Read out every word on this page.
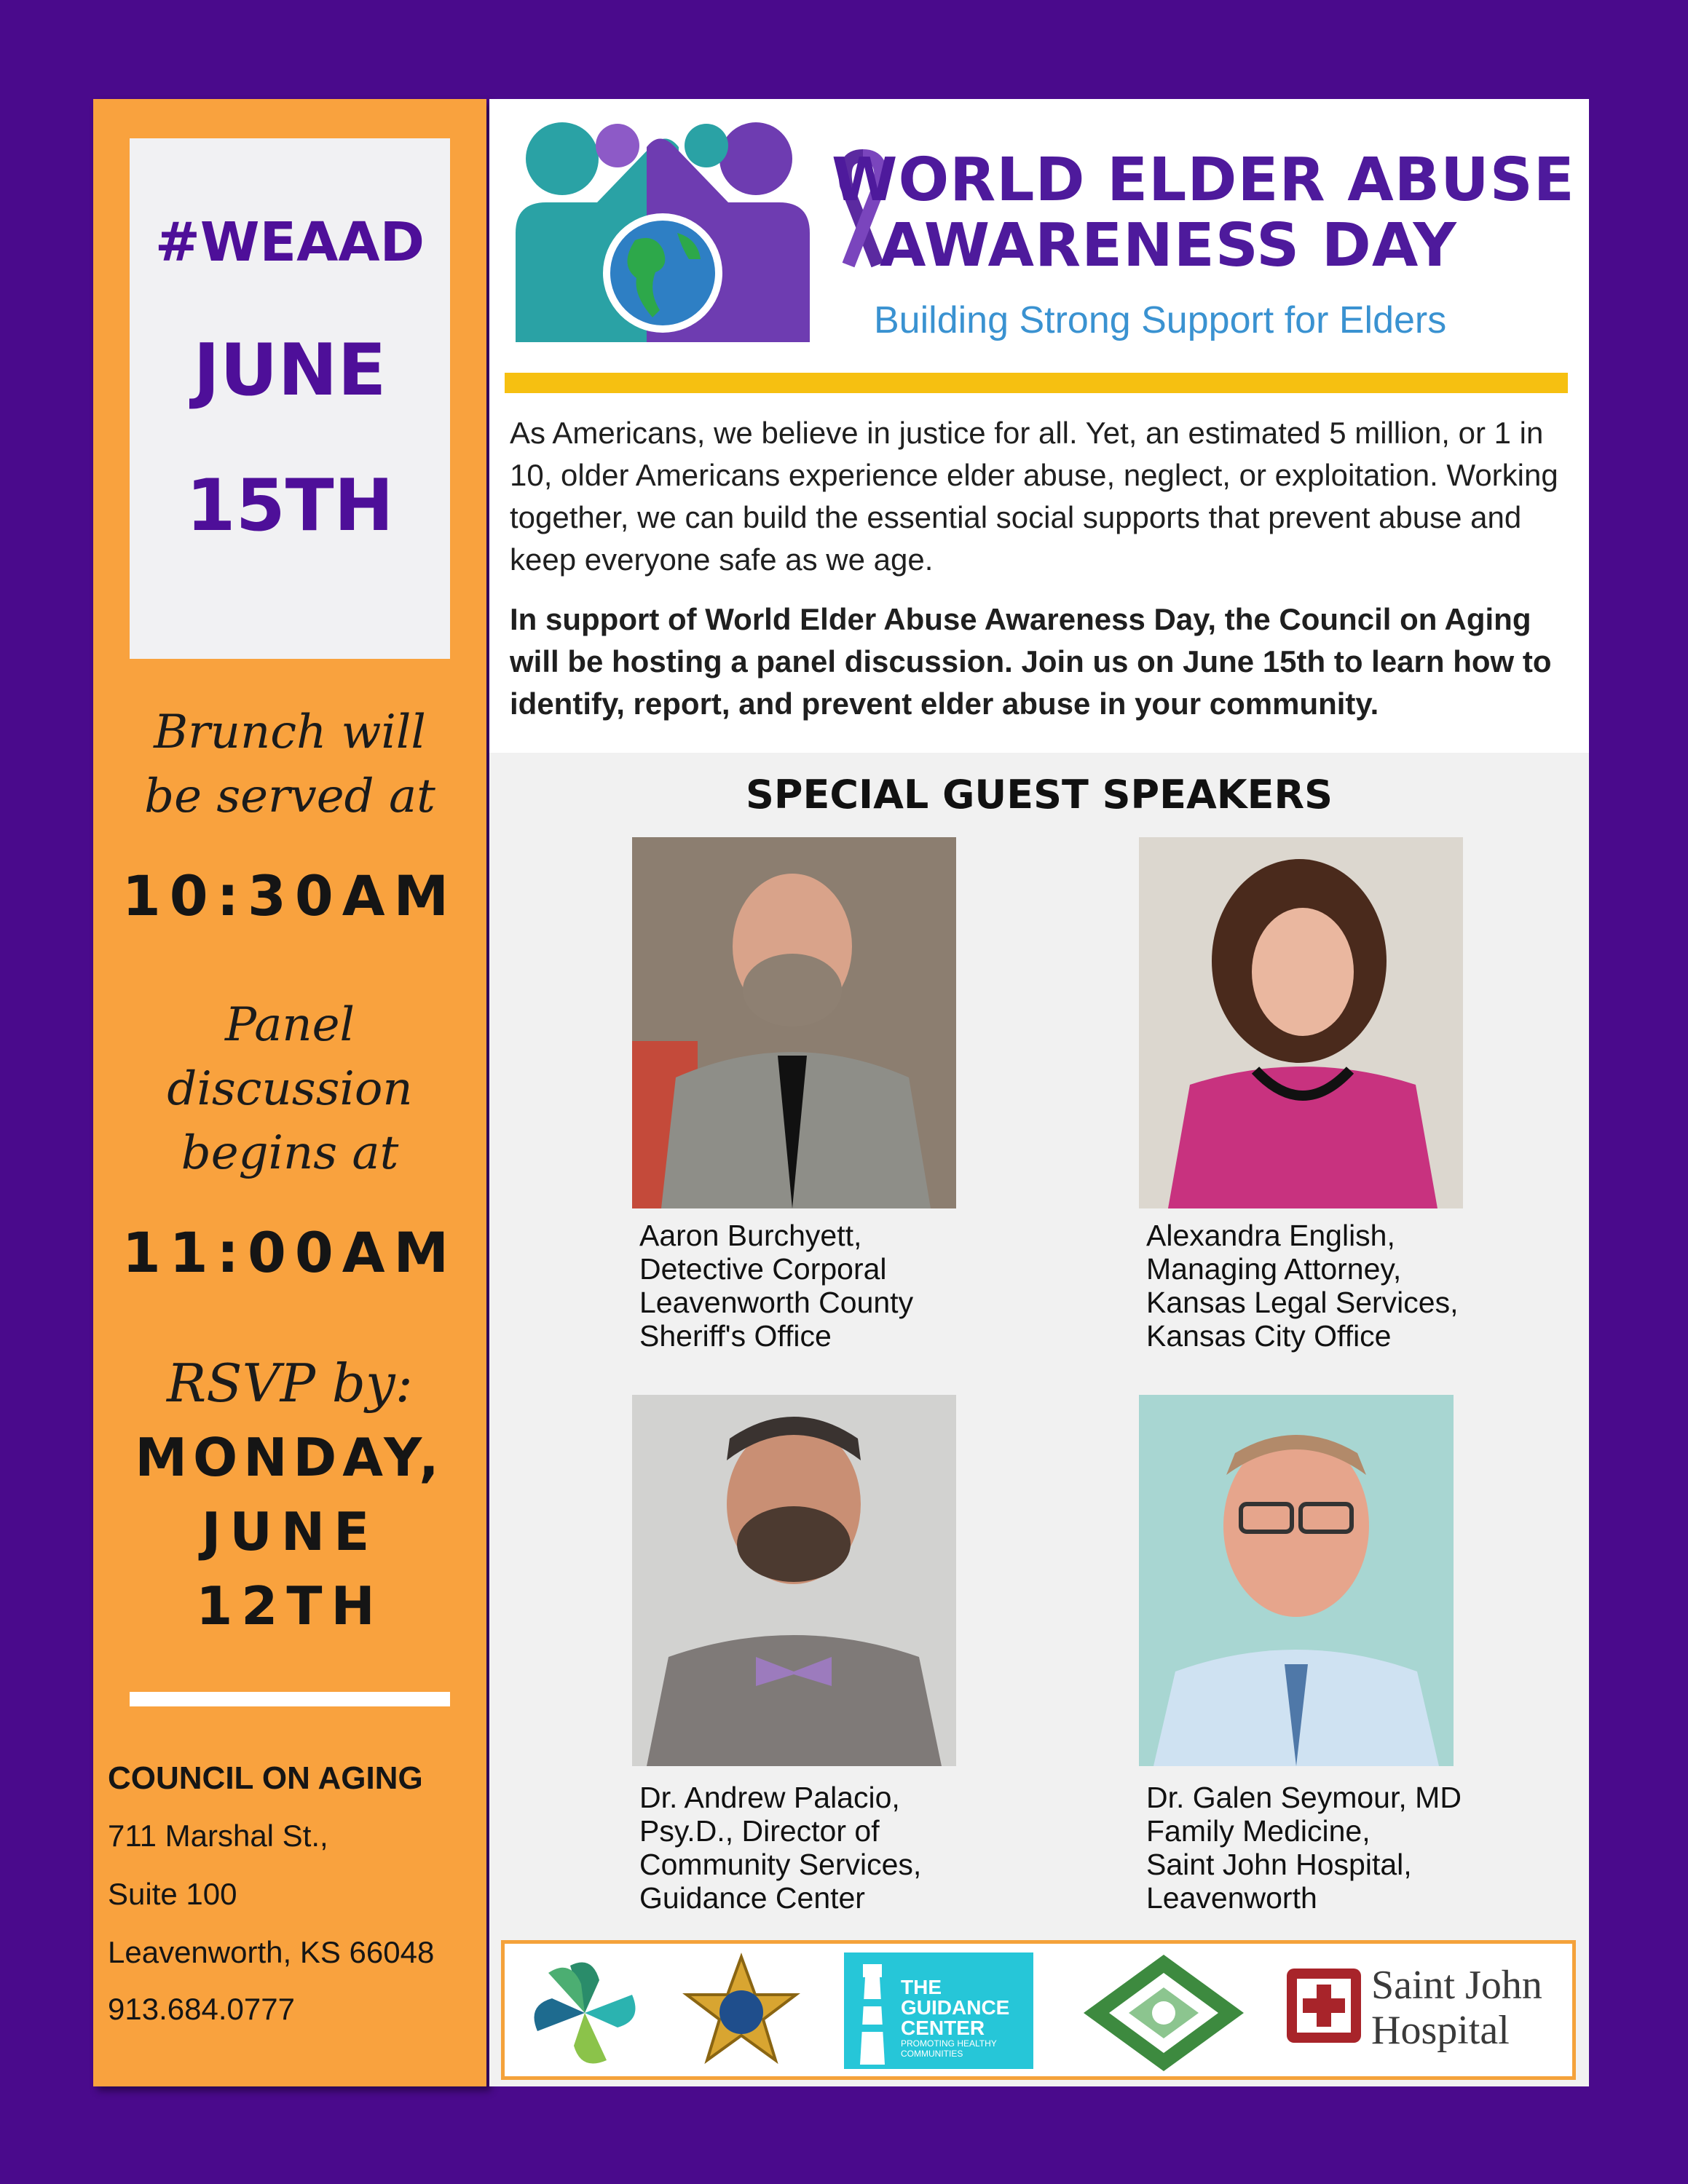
Brunch will
be served at
10:30AM
Panel
discussion
begins at
11:00AM
RSVP by:
MONDAY,
JUNE
12TH
COUNCIL ON AGING
711 Marshal St.,
Suite 100
Leavenworth, KS 66048
913.684.0777
#WEAAD
JUNE
15TH
WORLD ELDER ABUSE
AWARENESS DAY
Building Strong Support for Elders
As Americans, we believe in justice for all. Yet, an estimated 5 million, or 1 in 10, older Americans experience elder abuse, neglect, or exploitation. Working together, we can build the essential social supports that prevent abuse and keep everyone safe as we age.
In support of World Elder Abuse Awareness Day, the Council on Aging will be hosting a panel discussion. Join us on June 15th to learn how to identify, report, and prevent elder abuse in your community.
SPECIAL GUEST SPEAKERS
Aaron Burchyett,
Detective Corporal
Leavenworth County
Sheriff's Office
Alexandra English,
Managing Attorney,
Kansas Legal Services,
Kansas City Office
Dr. Andrew Palacio,
Psy.D., Director of
Community Services,
Guidance Center
Dr. Galen Seymour, MD
Family Medicine,
Saint John Hospital,
Leavenworth
THE
GUIDANCE
CENTER
PROMOTING HEALTHY COMMUNITIES
Saint John
Hospital
